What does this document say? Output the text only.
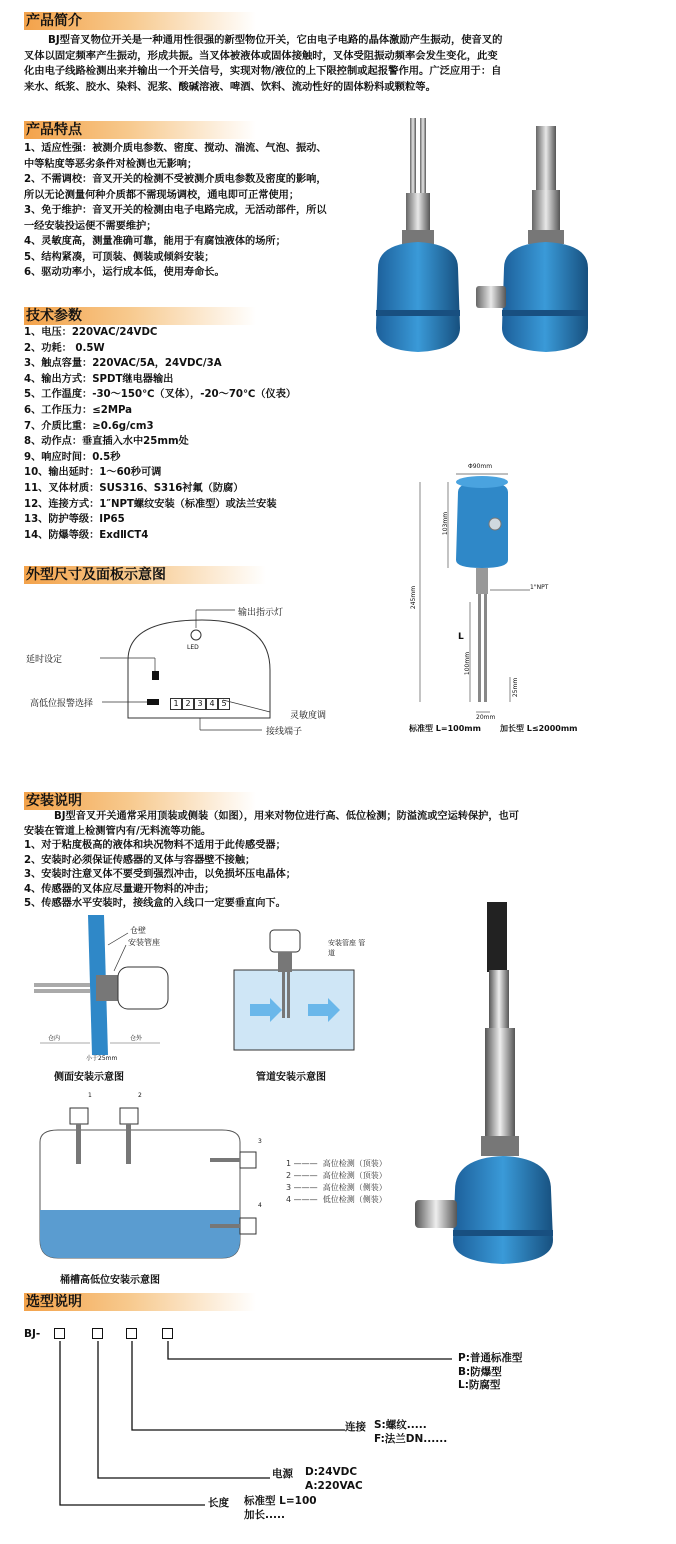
产品简介
BJ型音叉物位开关是一种通用性很强的新型物位开关，它由电子电路的晶体激励产生振动，使音叉的
叉体以固定频率产生振动，形成共振。当叉体被液体或固体接触时，叉体受阻振动频率会发生变化，此变
化由电子线路检测出来并输出一个开关信号，实现对物/液位的上下限控制或起报警作用。广泛应用于：自
来水、纸浆、胶水、染料、泥浆、酸碱溶液、啤酒、饮料、流动性好的固体粉料或颗粒等。
产品特点
1、适应性强：被测介质电参数、密度、搅动、湍流、气泡、振动、
中等粘度等恶劣条件对检测也无影响；
2、不需调校：音叉开关的检测不受被测介质电参数及密度的影响，
所以无论测量何种介质都不需现场调校，通电即可正常使用；
3、免于维护：音叉开关的检测由电子电路完成，无活动部件，所以
一经安装投运便不需要维护；
4、灵敏度高，测量准确可靠，能用于有腐蚀液体的场所；
5、结构紧凑，可顶装、侧装或倾斜安装；
6、驱动功率小，运行成本低，使用寿命长。
技术参数
1、电压：220VAC/24VDC
2、功耗： 0.5W
3、触点容量：220VAC/5A，24VDC/3A
4、输出方式：SPDT继电器输出
5、工作温度：-30～150℃（叉体），-20～70℃（仪表）
6、工作压力：≤2MPa
7、介质比重：≥0.6g/cm3
8、动作点：垂直插入水中25mm处
9、响应时间：0.5秒
10、输出延时：1～60秒可调
11、叉体材质：SUS316、S316衬氟（防腐）
12、连接方式：1″NPT螺纹安装（标准型）或法兰安装
13、防护等级：IP65
14、防爆等级：ExdⅡCT4
Φ90mm
103mm
245mm	1"NPT
L
100mm
25mm
20mm
标准型 L=100mm 加长型 L≤2000mm
外型尺寸及面板示意图
输出指示灯
LED
延时设定
高低位报警选择	1 2 3 4 5
灵敏度调
接线端子
安装说明
BJ型音叉开关通常采用顶装或侧装（如图），用来对物位进行高、低位检测；防溢流或空运转保护，也可
安装在管道上检测管内有/无料流等功能。
1、对于粘度极高的液体和块况物料不适用于此传感受器；
2、安装时必须保证传感器的叉体与容器壁不接触；
3、安装时注意叉体不要受到强烈冲击，以免损坏压电晶体；
4、传感器的叉体应尽量避开物料的冲击；
5、传感器水平安装时，接线盒的入线口一定要垂直向下。
仓壁
安装管座
仓内	仓外
小于25mm
侧面安装示意图
安装管座 管道
管道安装示意图
1	2
3
4
桶槽高低位安装示意图
1 ———  高位检测（顶装）
2 ———  高位检测（顶装）
3 ———  高位检测（侧装）
4 ———  低位检测（侧装）
选型说明
BJ-
P:普通标准型
B:防爆型
L:防腐型
连接 S:螺纹.....
F:法兰DN......
电源 D:24VDC
A:220VAC
长度 标准型 L=100
加长.....
